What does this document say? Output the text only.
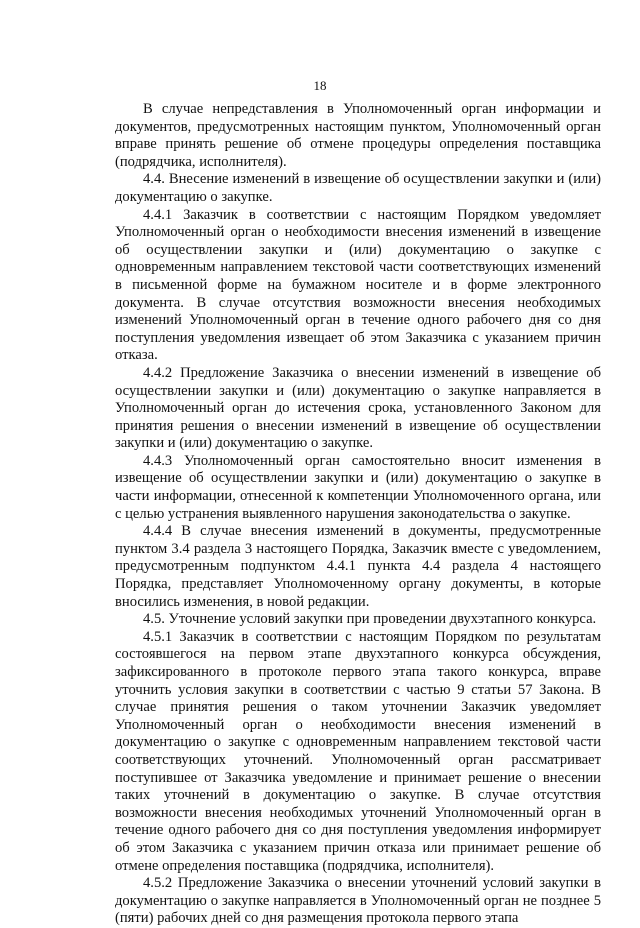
18

В случае непредставления в Уполномоченный орган информации и документов, предусмотренных настоящим пунктом, Уполномоченный орган вправе принять решение об отмене процедуры определения поставщика (подрядчика, исполнителя).

4.4. Внесение изменений в извещение об осуществлении закупки и (или) документацию о закупке.

4.4.1 Заказчик в соответствии с настоящим Порядком уведомляет Уполномоченный орган о необходимости внесения изменений в извещение об осуществлении закупки и (или) документацию о закупке с одновременным направлением текстовой части соответствующих изменений в письменной форме на бумажном носителе и в форме электронного документа. В случае отсутствия возможности внесения необходимых изменений Уполномоченный орган в течение одного рабочего дня со дня поступления уведомления извещает об этом Заказчика с указанием причин отказа.

4.4.2 Предложение Заказчика о внесении изменений в извещение об осуществлении закупки и (или) документацию о закупке направляется в Уполномоченный орган до истечения срока, установленного Законом для принятия решения о внесении изменений в извещение об осуществлении закупки и (или) документацию о закупке.

4.4.3 Уполномоченный орган самостоятельно вносит изменения в извещение об осуществлении закупки и (или) документацию о закупке в части информации, отнесенной к компетенции Уполномоченного органа, или с целью устранения выявленного нарушения законодательства о закупке.

4.4.4 В случае внесения изменений в документы, предусмотренные пунктом 3.4 раздела 3 настоящего Порядка, Заказчик вместе с уведомлением, предусмотренным подпунктом 4.4.1 пункта 4.4 раздела 4 настоящего Порядка, представляет Уполномоченному органу документы, в которые вносились изменения, в новой редакции.

4.5. Уточнение условий закупки при проведении двухэтапного конкурса.

4.5.1 Заказчик в соответствии с настоящим Порядком по результатам состоявшегося на первом этапе двухэтапного конкурса обсуждения, зафиксированного в протоколе первого этапа такого конкурса, вправе уточнить условия закупки в соответствии с частью 9 статьи 57 Закона. В случае принятия решения о таком уточнении Заказчик уведомляет Уполномоченный орган о необходимости внесения изменений в документацию о закупке с одновременным направлением текстовой части соответствующих уточнений. Уполномоченный орган рассматривает поступившее от Заказчика уведомление и принимает решение о внесении таких уточнений в документацию о закупке. В случае отсутствия возможности внесения необходимых уточнений Уполномоченный орган в течение одного рабочего дня со дня поступления уведомления информирует об этом Заказчика с указанием причин отказа или принимает решение об отмене определения поставщика (подрядчика, исполнителя).

4.5.2 Предложение Заказчика о внесении уточнений условий закупки в документацию о закупке направляется в Уполномоченный орган не позднее 5 (пяти) рабочих дней со дня размещения протокола первого этапа
